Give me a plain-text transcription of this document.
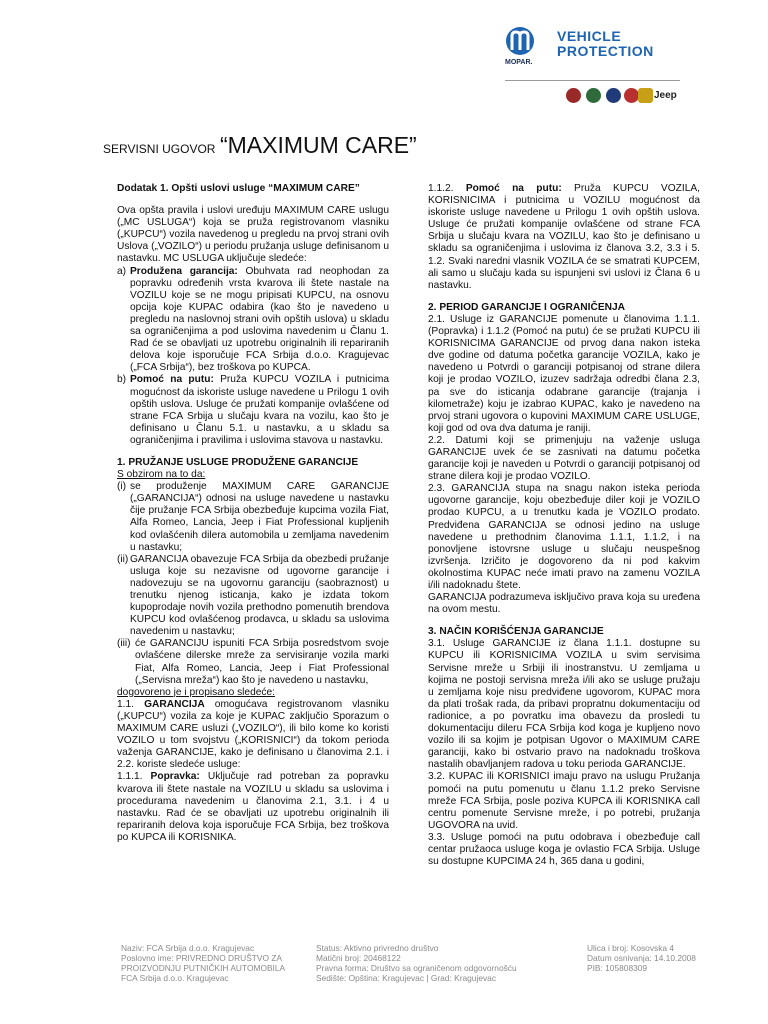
VEHICLE
PROTECTION
MOPAR.
Jeep
SERVISNI UGOVOR “MAXIMUM CARE”

Dodatak 1. Opšti uslovi usluge “MAXIMUM CARE”

Ova opšta pravila i uslovi uređuju MAXIMUM CARE uslugu („MC USLUGA“) koja se pruža registrovanom vlasniku („KUPCU“) vozila navedenog u pregledu na prvoj strani ovih Uslova („VOZILO“) u periodu pružanja usluge definisanom u nastavku. MC USLUGA uključuje sledeće:

a) Produžena garancija: Obuhvata rad neophodan za popravku određenih vrsta kvarova ili štete nastale na VOZILU koje se ne mogu pripisati KUPCU, na osnovu opcija koje KUPAC odabira (kao što je navedeno u pregledu na naslovnoj strani ovih opštih uslova) u skladu sa ograničenjima a pod uslovima navedenim u Članu 1. Rad će se obavljati uz upotrebu originalnih ili repariranih delova koje isporučuje FCA Srbija d.o.o. Kragujevac („FCA Srbija“), bez troškova po KUPCA.
b) Pomoć na putu: Pruža KUPCU VOZILA i putnicima mogućnost da iskoriste usluge navedene u Prilogu 1 ovih opštih uslova. Usluge će pružati kompanije ovlašćene od strane FCA Srbija u slučaju kvara na vozilu, kao što je definisano u Članu 5.1. u nastavku, a u skladu sa ograničenjima i pravilima i uslovima stavova u nastavku.

1. PRUŽANJE USLUGE PRODUŽENE GARANCIJE

S obzirom na to da:

(i) se produženje MAXIMUM CARE GARANCIJE („GARANCIJA“) odnosi na usluge navedene u nastavku čije pružanje FCA Srbija obezbeđuje kupcima vozila Fiat, Alfa Romeo, Lancia, Jeep i Fiat Professional kupljenih kod ovlašćenih dilera automobila u zemljama navedenim u nastavku;
(ii) GARANCIJA obavezuje FCA Srbija da obezbedi pružanje usluga koje su nezavisne od ugovorne garancije i nadovezuju se na ugovornu garanciju (saobraznost) u trenutku njenog isticanja, kako je izdata tokom kupoprodaje novih vozila prethodno pomenutih brendova KUPCU kod ovlašćenog prodavca, u skladu sa uslovima navedenim u nastavku;
(iii) će GARANCIJU ispuniti FCA Srbija posredstvom svoje ovlašćene dilerske mreže za servisiranje vozila marki Fiat, Alfa Romeo, Lancia, Jeep i Fiat Professional („Servisna mreža“) kao što je navedeno u nastavku,

dogovoreno je i propisano sledeće:

1.1. GARANCIJA omogućava registrovanom vlasniku („KUPCU“) vozila za koje je KUPAC zaključio Sporazum o MAXIMUM CARE usluzi („VOZILO“), ili bilo kome ko koristi VOZILO u tom svojstvu („KORISNICI“) da tokom perioda važenja GARANCIJE, kako je definisano u članovima 2.1. i 2.2. koriste sledeće usluge:

1.1.1. Popravka: Uključuje rad potreban za popravku kvarova ili štete nastale na VOZILU u skladu sa uslovima i procedurama navedenim u članovima 2.1, 3.1. i 4 u nastavku. Rad će se obavljati uz upotrebu originalnih ili repariranih delova koja isporučuje FCA Srbija, bez troškova po KUPCA ili KORISNIKA.

1.1.2. Pomoć na putu: Pruža KUPCU VOZILA, KORISNICIMA i putnicima u VOZILU mogućnost da iskoriste usluge navedene u Prilogu 1 ovih opštih uslova. Usluge će pružati kompanije ovlašćene od strane FCA Srbija u slučaju kvara na VOZILU, kao što je definisano u skladu sa ograničenjima i uslovima iz članova 3.2, 3.3 i 5. 1.2. Svaki naredni vlasnik VOZILA će se smatrati KUPCEM, ali samo u slučaju kada su ispunjeni svi uslovi iz Člana 6 u nastavku.

2. PERIOD GARANCIJE I OGRANIČENJA

2.1. Usluge iz GARANCIJE pomenute u članovima 1.1.1. (Popravka) i 1.1.2 (Pomoć na putu) će se pružati KUPCU ili KORISNICIMA GARANCIJE od prvog dana nakon isteka dve godine od datuma početka garancije VOZILA, kako je navedeno u Potvrdi o garanciji potpisanoj od strane dilera koji je prodao VOZILO, izuzev sadržaja odredbi člana 2.3, pa sve do isticanja odabrane garancije (trajanja i kilometraže) koju je izabrao KUPAC, kako je navedeno na prvoj strani ugovora o kupovini MAXIMUM CARE USLUGE, koji god od ova dva datuma je raniji.

2.2. Datumi koji se primenjuju na važenje usluga GARANCIJE uvek će se zasnivati na datumu početka garancije koji je naveden u Potvrdi o garanciji potpisanoj od strane dilera koji je prodao VOZILO.

2.3. GARANCIJA stupa na snagu nakon isteka perioda ugovorne garancije, koju obezbeđuje diler koji je VOZILO prodao KUPCU, a u trenutku kada je VOZILO prodato. Predviđena GARANCIJA se odnosi jedino na usluge navedene u prethodnim članovima 1.1.1, 1.1.2, i na ponovljene istovrsne usluge u slučaju neuspešnog izvršenja. Izričito je dogovoreno da ni pod kakvim okolnostima KUPAC neće imati pravo na zamenu VOZILA i/ili nadoknadu štete.

GARANCIJA podrazumeva isključivo prava koja su uređena na ovom mestu.

3. NAČIN KORIŠĆENJA GARANCIJE

3.1. Usluge GARANCIJE iz člana 1.1.1. dostupne su KUPCU ili KORISNICIMA VOZILA u svim servisima Servisne mreže u Srbiji ili inostranstvu. U zemljama u kojima ne postoji servisna mreža i/ili ako se usluge pružaju u zemljama koje nisu predviđene ugovorom, KUPAC mora da plati trošak rada, da pribavi propratnu dokumentaciju od radionice, a po povratku ima obavezu da prosledi tu dokumentaciju dileru FCA Srbija kod koga je kupljeno novo vozilo ili sa kojim je potpisan Ugovor o MAXIMUM CARE garanciji, kako bi ostvario pravo na nadoknadu troškova nastalih obavljanjem radova u toku perioda GARANCIJE.

3.2. KUPAC ili KORISNICI imaju pravo na uslugu Pružanja pomoći na putu pomenutu u članu 1.1.2 preko Servisne mreže FCA Srbija, posle poziva KUPCA ili KORISNIKA call centru pomenute Servisne mreže, i po potrebi, pružanja UGOVORA na uvid.

3.3. Usluge pomoći na putu odobrava i obezbeđuje call centar pružaoca usluge koga je ovlastio FCA Srbija. Usluge su dostupne KUPCIMA 24 h, 365 dana u godini,

Naziv: FCA Srbija d.o.o. Kragujevac
Poslovno ime: PRIVREDNO DRUŠTVO ZA
PROIZVODNJU PUTNIČKIH AUTOMOBILA
FCA Srbija d.o.o. Kragujevac
Status: Aktivno privredno društvo
Matični broj: 20468122
Pravna forma: Društvo sa ograničenom odgovornošću
Sedište: Opština: Kragujevac | Grad: Kragujevac
Ulica i broj: Kosovska 4
Datum osnivanja: 14.10.2008
PIB: 105808309
